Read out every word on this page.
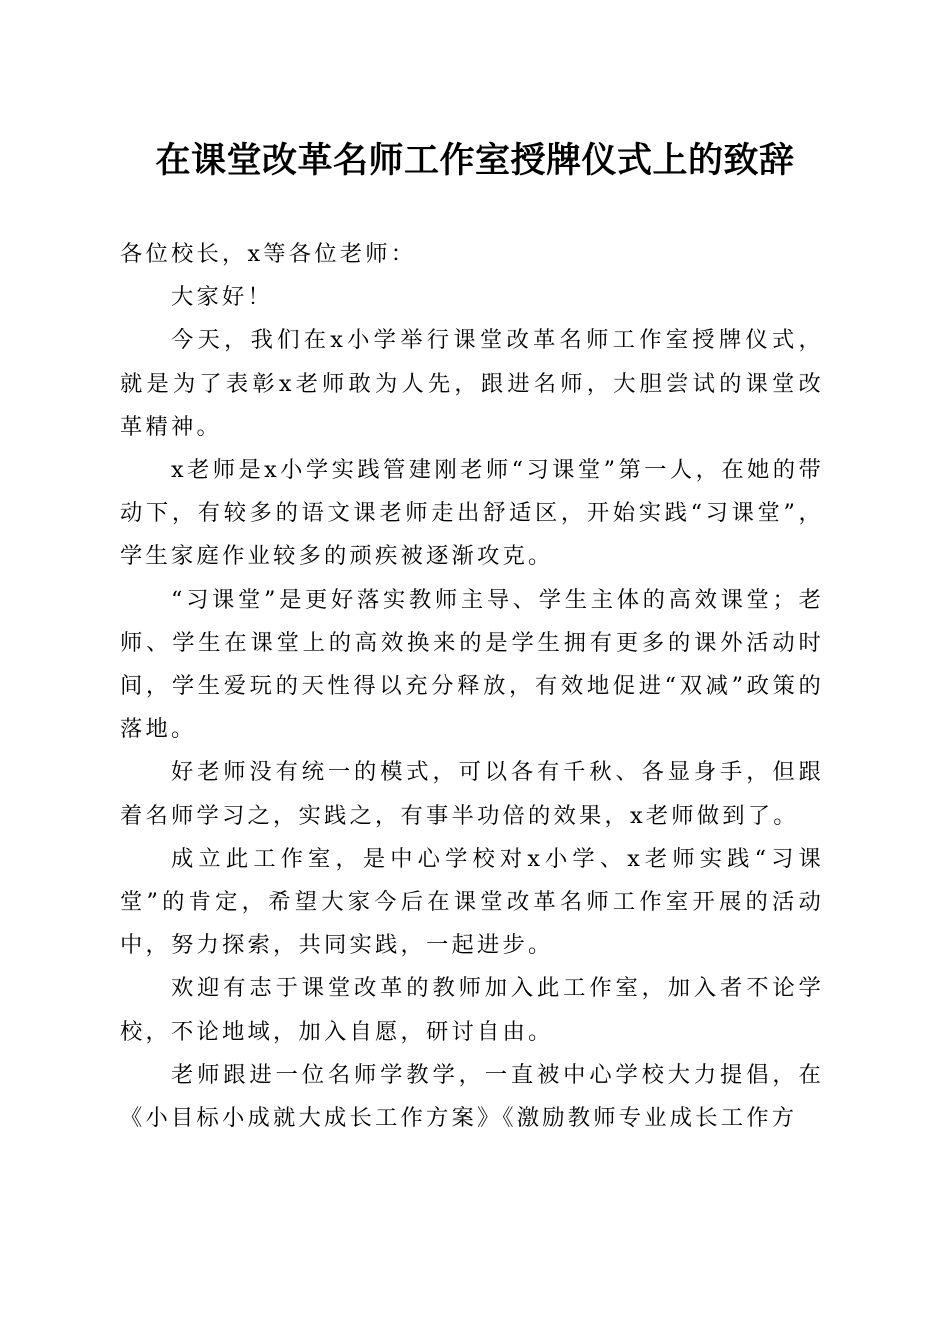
在课堂改革名师工作室授牌仪式上的致辞

各位校长，x等各位老师：

大家好！

今天，我们在x小学举行课堂改革名师工作室授牌仪式，就是为了表彰x老师敢为人先，跟进名师，大胆尝试的课堂改革精神。

x老师是x小学实践管建刚老师“习课堂”第一人，在她的带动下，有较多的语文课老师走出舒适区，开始实践“习课堂”，学生家庭作业较多的顽疾被逐渐攻克。

“习课堂”是更好落实教师主导、学生主体的高效课堂；老师、学生在课堂上的高效换来的是学生拥有更多的课外活动时间，学生爱玩的天性得以充分释放，有效地促进“双减”政策的落地。

好老师没有统一的模式，可以各有千秋、各显身手，但跟着名师学习之，实践之，有事半功倍的效果，x老师做到了。

成立此工作室，是中心学校对x小学、x老师实践“习课堂”的肯定，希望大家今后在课堂改革名师工作室开展的活动中，努力探索，共同实践，一起进步。

欢迎有志于课堂改革的教师加入此工作室，加入者不论学校，不论地域，加入自愿，研讨自由。

老师跟进一位名师学教学，一直被中心学校大力提倡，在《小目标小成就大成长工作方案》《激励教师专业成长工作方
